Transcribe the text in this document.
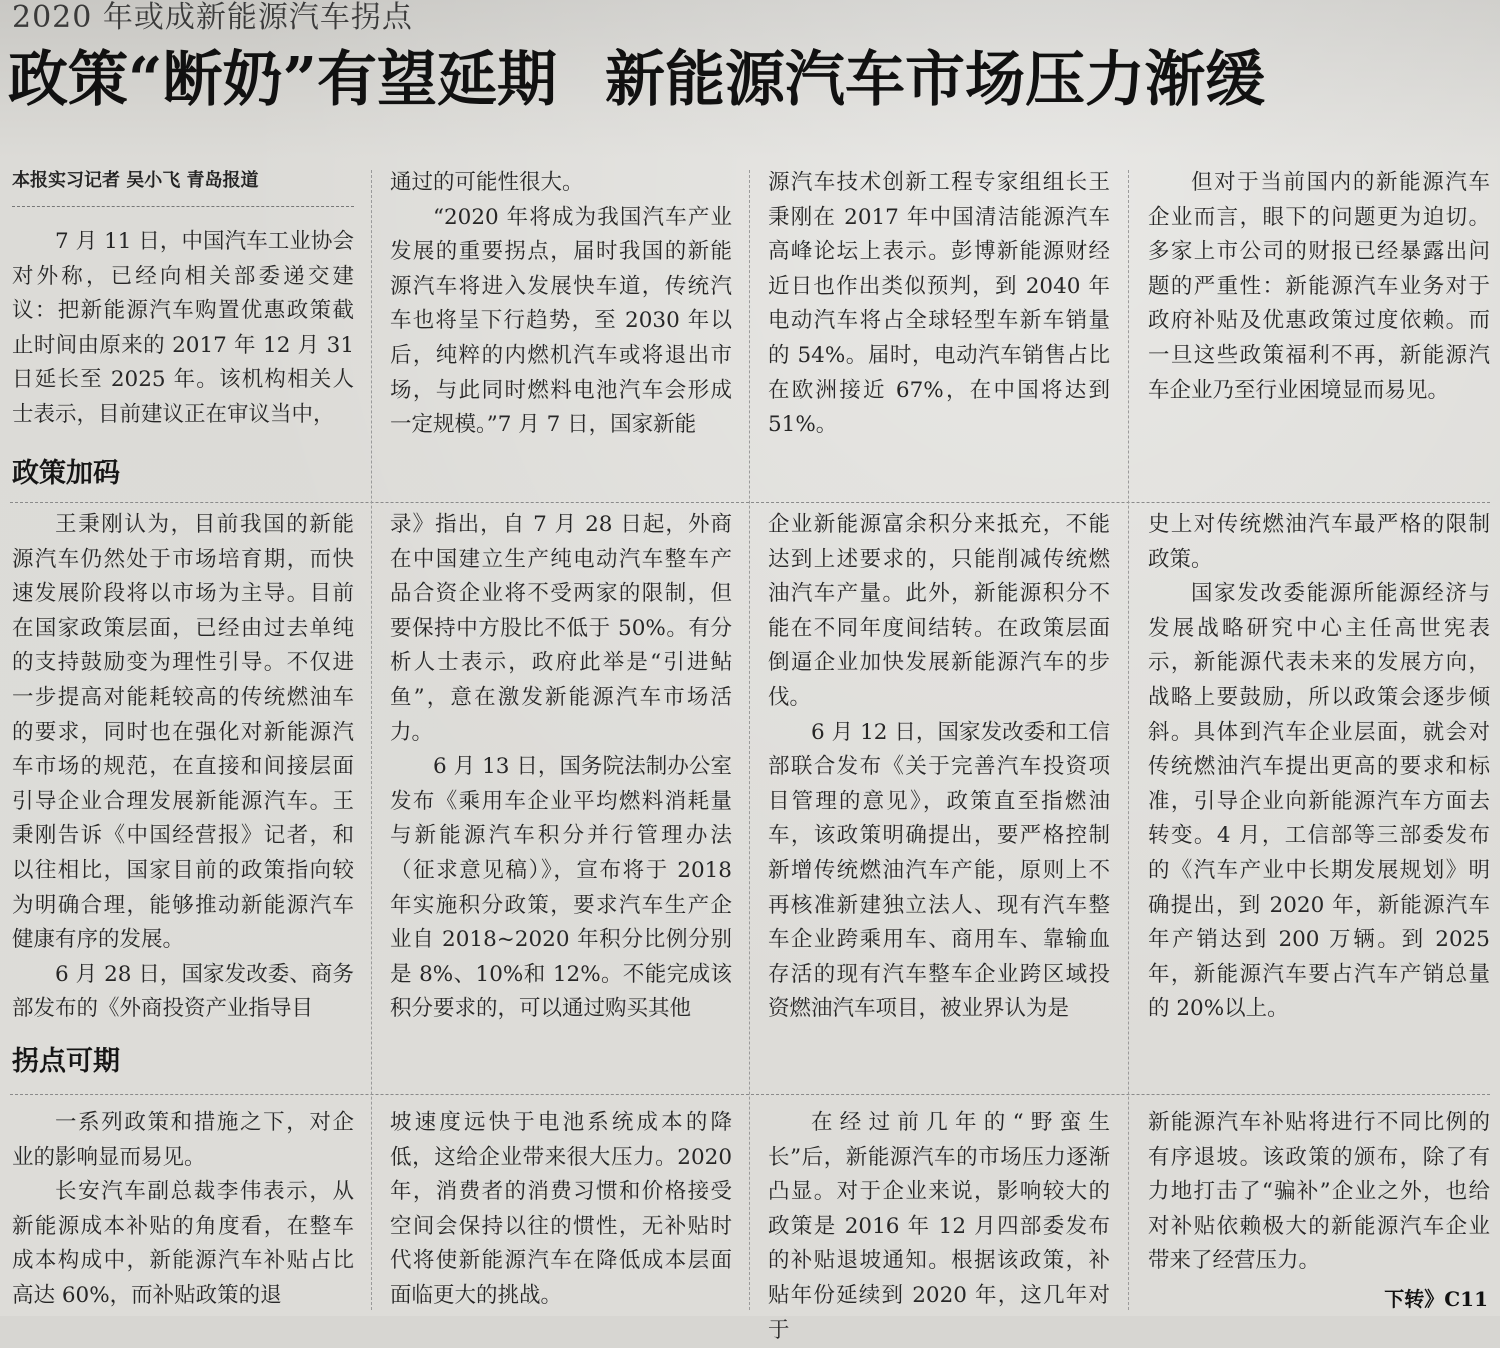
2020 年或成新能源汽车拐点
政策“断奶”有望延期 新能源汽车市场压力渐缓
本报实习记者 吴小飞 青岛报道

7 月 11 日，中国汽车工业协会对外称，已经向相关部委递交建议：把新能源汽车购置优惠政策截止时间由原来的 2017 年 12 月 31 日延长至 2025 年。该机构相关人士表示，目前建议正在审议当中，

通过的可能性很大。

“2020 年将成为我国汽车产业发展的重要拐点，届时我国的新能源汽车将进入发展快车道，传统汽车也将呈下行趋势，至 2030 年以后，纯粹的内燃机汽车或将退出市场，与此同时燃料电池汽车会形成一定规模。”7 月 7 日，国家新能

源汽车技术创新工程专家组组长王秉刚在 2017 年中国清洁能源汽车高峰论坛上表示。彭博新能源财经近日也作出类似预判，到 2040 年电动汽车将占全球轻型车新车销量的 54%。届时，电动汽车销售占比在欧洲接近 67%，在中国将达到 51%。

但对于当前国内的新能源汽车企业而言，眼下的问题更为迫切。多家上市公司的财报已经暴露出问题的严重性：新能源汽车业务对于政府补贴及优惠政策过度依赖。而一旦这些政策福利不再，新能源汽车企业乃至行业困境显而易见。

政策加码

王秉刚认为，目前我国的新能源汽车仍然处于市场培育期，而快速发展阶段将以市场为主导。目前在国家政策层面，已经由过去单纯的支持鼓励变为理性引导。不仅进一步提高对能耗较高的传统燃油车的要求，同时也在强化对新能源汽车市场的规范，在直接和间接层面引导企业合理发展新能源汽车。王秉刚告诉《中国经营报》记者，和以往相比，国家目前的政策指向较为明确合理，能够推动新能源汽车健康有序的发展。

6 月 28 日，国家发改委、商务部发布的《外商投资产业指导目

录》指出，自 7 月 28 日起，外商在中国建立生产纯电动汽车整车产品合资企业将不受两家的限制，但要保持中方股比不低于 50%。有分析人士表示，政府此举是“引进鲇鱼”，意在激发新能源汽车市场活力。

6 月 13 日，国务院法制办公室发布《乘用车企业平均燃料消耗量与新能源汽车积分并行管理办法（征求意见稿）》，宣布将于 2018 年实施积分政策，要求汽车生产企业自 2018~2020 年积分比例分别是 8%、10%和 12%。不能完成该积分要求的，可以通过购买其他

企业新能源富余积分来抵充，不能达到上述要求的，只能削减传统燃油汽车产量。此外，新能源积分不能在不同年度间结转。在政策层面倒逼企业加快发展新能源汽车的步伐。

6 月 12 日，国家发改委和工信部联合发布《关于完善汽车投资项目管理的意见》，政策直至指燃油车，该政策明确提出，要严格控制新增传统燃油汽车产能，原则上不再核准新建独立法人、现有汽车整车企业跨乘用车、商用车、靠输血存活的现有汽车整车企业跨区域投资燃油汽车项目，被业界认为是

史上对传统燃油汽车最严格的限制政策。

国家发改委能源所能源经济与发展战略研究中心主任高世宪表示，新能源代表未来的发展方向，战略上要鼓励，所以政策会逐步倾斜。具体到汽车企业层面，就会对传统燃油汽车提出更高的要求和标准，引导企业向新能源汽车方面去转变。4 月，工信部等三部委发布的《汽车产业中长期发展规划》明确提出，到 2020 年，新能源汽车年产销达到 200 万辆。到 2025 年，新能源汽车要占汽车产销总量的 20%以上。

拐点可期

一系列政策和措施之下，对企业的影响显而易见。

长安汽车副总裁李伟表示，从新能源成本补贴的角度看，在整车成本构成中，新能源汽车补贴占比高达 60%，而补贴政策的退

坡速度远快于电池系统成本的降低，这给企业带来很大压力。2020 年，消费者的消费习惯和价格接受空间会保持以往的惯性，无补贴时代将使新能源汽车在降低成本层面面临更大的挑战。

在经过前几年的“野蛮生长”后，新能源汽车的市场压力逐渐凸显。对于企业来说，影响较大的政策是 2016 年 12 月四部委发布的补贴退坡通知。根据该政策，补贴年份延续到 2020 年，这几年对于

新能源汽车补贴将进行不同比例的有序退坡。该政策的颁布，除了有力地打击了“骗补”企业之外，也给对补贴依赖极大的新能源汽车企业带来了经营压力。

下转》C11
